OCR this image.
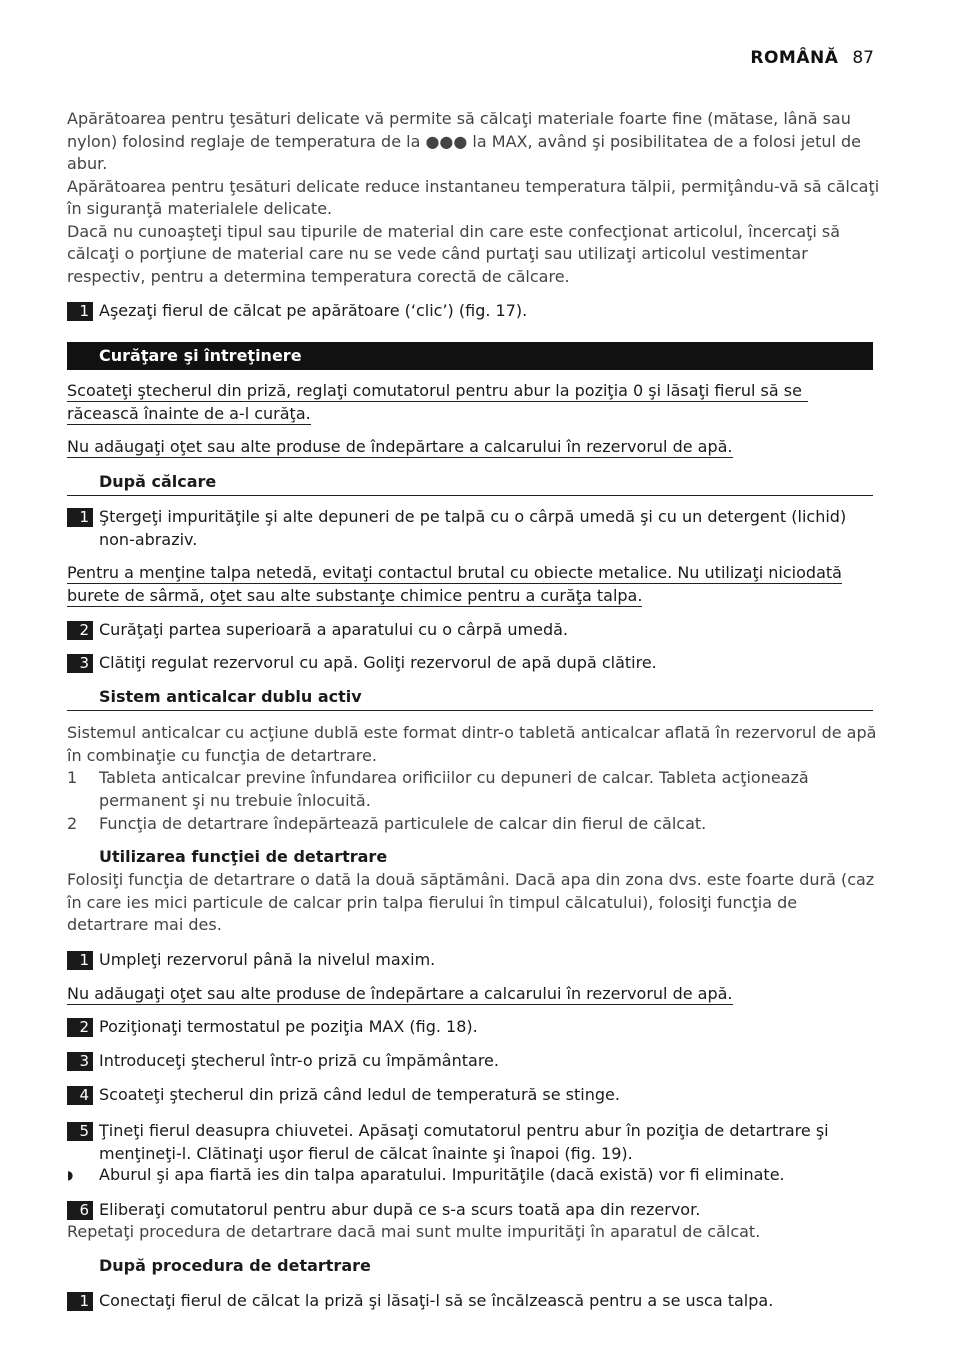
ROMÂNĂ 87
Apărătoarea pentru ţesături delicate vă permite să călcaţi materiale foarte fine (mătase, lână sau
nylon) folosind reglaje de temperatura de la ●●● la MAX, având şi posibilitatea de a folosi jetul de
abur.
Apărătoarea pentru ţesături delicate reduce instantaneu temperatura tălpii, permiţându-vă să călcaţi
în siguranţă materialele delicate.
Dacă nu cunoaşteţi tipul sau tipurile de material din care este confecţionat articolul, încercaţi să
călcaţi o porţiune de material care nu se vede când purtaţi sau utilizaţi articolul vestimentar
respectiv, pentru a determina temperatura corectă de călcare.
1 Aşezaţi fierul de călcat pe apărătoare (‘clic’) (fig. 17).
Curăţare şi întreţinere
Scoateţi ştecherul din priză, reglaţi comutatorul pentru abur la poziţia 0 şi lăsaţi fierul să se
răcească înainte de a-l curăţa.
Nu adăugaţi oţet sau alte produse de îndepărtare a calcarului în rezervorul de apă.
După călcare
1 Ştergeţi impurităţile şi alte depuneri de pe talpă cu o cârpă umedă şi cu un detergent (lichid)
non-abraziv.
Pentru a menţine talpa netedă, evitaţi contactul brutal cu obiecte metalice. Nu utilizaţi niciodată
burete de sârmă, oţet sau alte substanţe chimice pentru a curăţa talpa.
2 Curăţaţi partea superioară a aparatului cu o cârpă umedă.
3 Clătiţi regulat rezervorul cu apă. Goliţi rezervorul de apă după clătire.
Sistem anticalcar dublu activ
Sistemul anticalcar cu acţiune dublă este format dintr-o tabletă anticalcar aflată în rezervorul de apă
în combinaţie cu funcţia de detartrare.
1 Tableta anticalcar previne înfundarea orificiilor cu depuneri de calcar. Tableta acţionează
permanent şi nu trebuie înlocuită.
2 Funcţia de detartrare îndepărtează particulele de calcar din fierul de călcat.
Utilizarea funcţiei de detartrare
Folosiţi funcţia de detartrare o dată la două săptămâni. Dacă apa din zona dvs. este foarte dură (caz
în care ies mici particule de calcar prin talpa fierului în timpul călcatului), folosiţi funcţia de
detartrare mai des.
1 Umpleţi rezervorul până la nivelul maxim.
Nu adăugaţi oţet sau alte produse de îndepărtare a calcarului în rezervorul de apă.
2 Poziţionaţi termostatul pe poziţia MAX (fig. 18).
3 Introduceţi ştecherul într-o priză cu împământare.
4 Scoateţi ştecherul din priză când ledul de temperatură se stinge.
5 Ţineţi fierul deasupra chiuvetei. Apăsaţi comutatorul pentru abur în poziţia de detartrare şi
menţineţi-l. Clătinaţi uşor fierul de călcat înainte şi înapoi (fig. 19).
◗ Aburul şi apa fiartă ies din talpa aparatului. Impurităţile (dacă există) vor fi eliminate.
6 Eliberaţi comutatorul pentru abur după ce s-a scurs toată apa din rezervor.
Repetaţi procedura de detartrare dacă mai sunt multe impurităţi în aparatul de călcat.
După procedura de detartrare
1 Conectaţi fierul de călcat la priză şi lăsaţi-l să se încălzească pentru a se usca talpa.
